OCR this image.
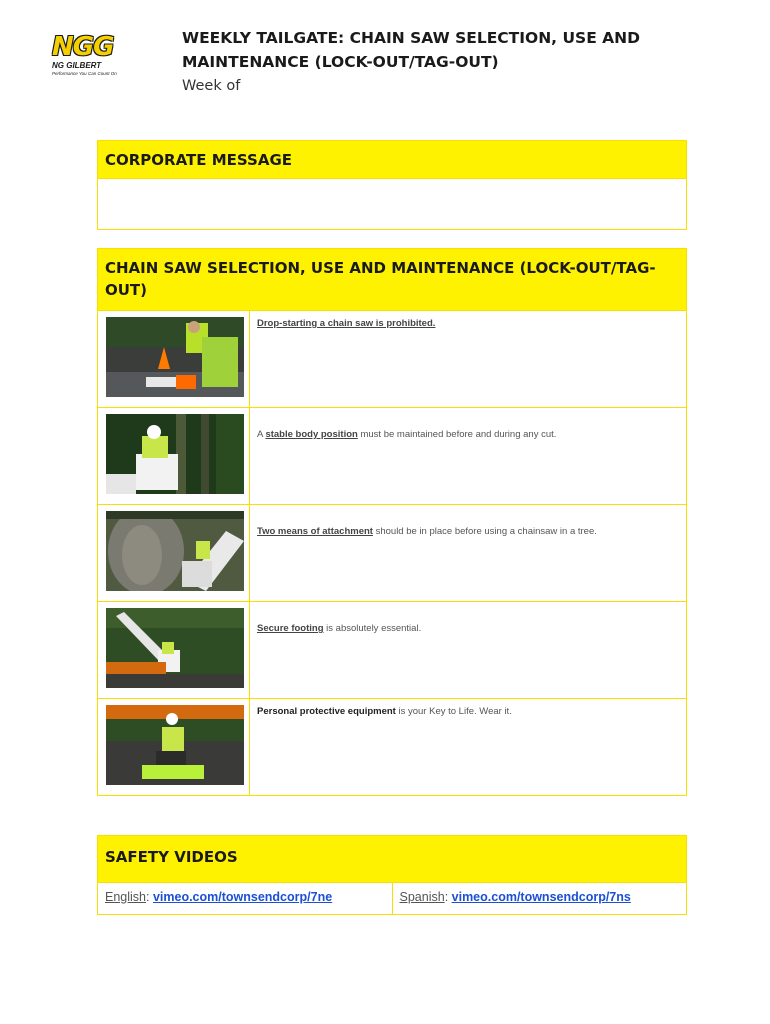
NGG
NG GILBERT
Performance You Can Count On
WEEKLY TAILGATE: CHAIN SAW SELECTION, USE AND MAINTENANCE (LOCK-OUT/TAG-OUT)
Week of
CORPORATE MESSAGE
CHAIN SAW SELECTION, USE AND MAINTENANCE (LOCK-OUT/TAG-OUT)
Drop-starting a chain saw is prohibited.
A stable body position must be maintained before and during any cut.
Two means of attachment should be in place before using a chainsaw in a tree.
Secure footing is absolutely essential.
Personal protective equipment is your Key to Life. Wear it.
SAFETY VIDEOS
English: vimeo.com/townsendcorp/7ne	Spanish: vimeo.com/townsendcorp/7ns
